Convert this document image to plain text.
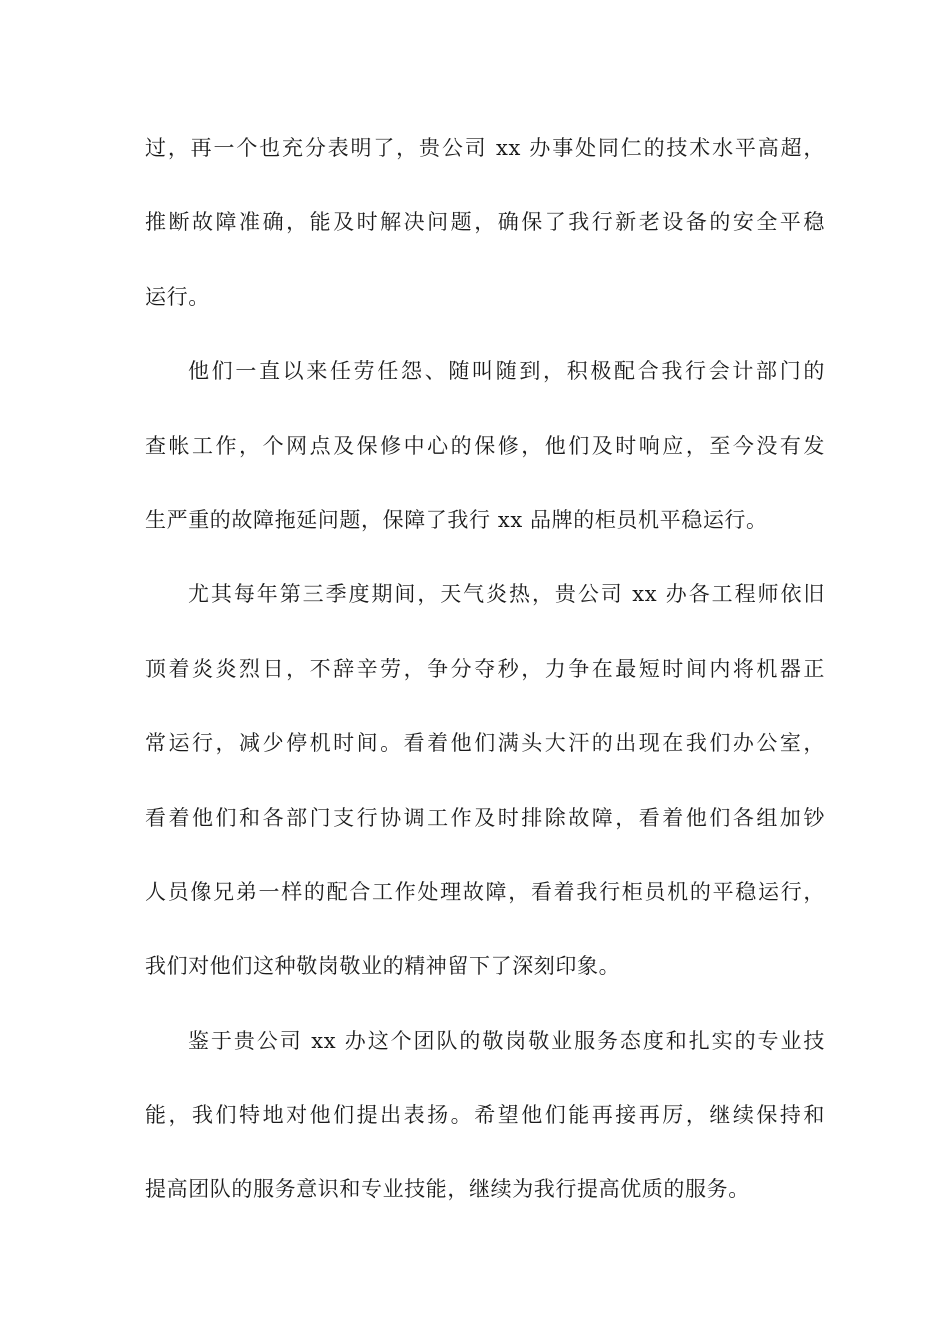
过，再一个也充分表明了，贵公司 xx 办事处同仁的技术水平高超，
推断故障准确，能及时解决问题，确保了我行新老设备的安全平稳
运行。
他们一直以来任劳任怨、随叫随到，积极配合我行会计部门的
查帐工作，个网点及保修中心的保修，他们及时响应，至今没有发
生严重的故障拖延问题，保障了我行 xx 品牌的柜员机平稳运行。
尤其每年第三季度期间，天气炎热，贵公司 xx 办各工程师依旧
顶着炎炎烈日，不辞辛劳，争分夺秒，力争在最短时间内将机器正
常运行，减少停机时间。看着他们满头大汗的出现在我们办公室，
看着他们和各部门支行协调工作及时排除故障，看着他们各组加钞
人员像兄弟一样的配合工作处理故障，看着我行柜员机的平稳运行，
我们对他们这种敬岗敬业的精神留下了深刻印象。
鉴于贵公司 xx 办这个团队的敬岗敬业服务态度和扎实的专业技
能，我们特地对他们提出表扬。希望他们能再接再厉，继续保持和
提高团队的服务意识和专业技能，继续为我行提高优质的服务。
